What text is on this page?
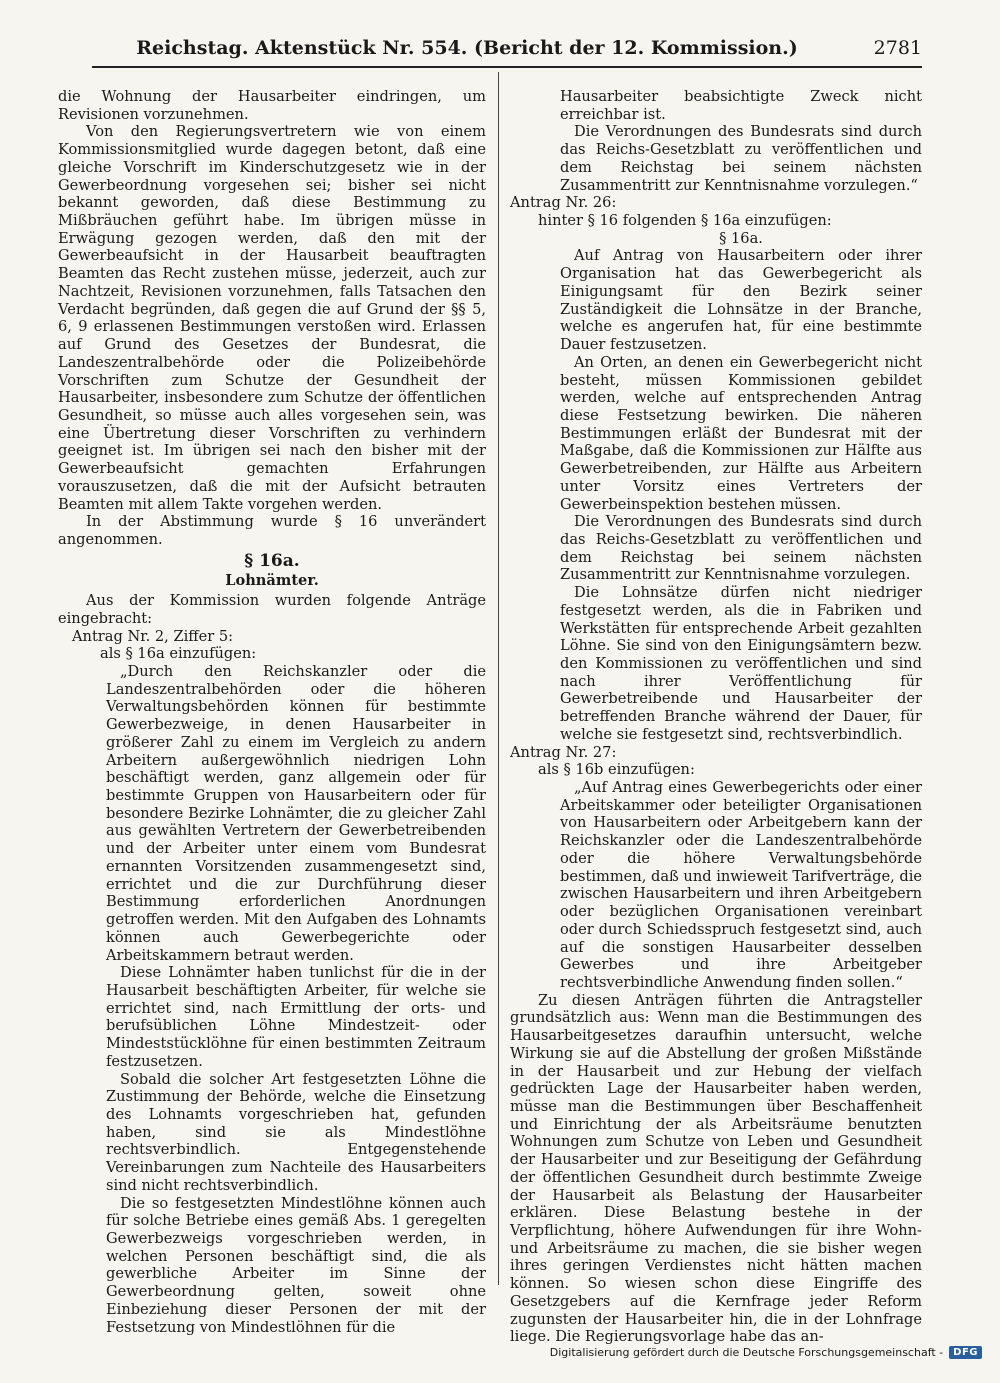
Reichstag. Aktenstück Nr. 554. (Bericht der 12. Kommission.)	2781

die Wohnung der Hausarbeiter eindringen, um Revisionen vorzunehmen.

Von den Regierungsvertretern wie von einem Kommissionsmitglied wurde dagegen betont, daß eine gleiche Vorschrift im Kinderschutzgesetz wie in der Gewerbeordnung vorgesehen sei; bisher sei nicht bekannt geworden, daß diese Bestimmung zu Mißbräuchen geführt habe. Im übrigen müsse in Erwägung gezogen werden, daß den mit der Gewerbeaufsicht in der Hausarbeit beauftragten Beamten das Recht zustehen müsse, jederzeit, auch zur Nachtzeit, Revisionen vorzunehmen, falls Tatsachen den Verdacht begründen, daß gegen die auf Grund der §§ 5, 6, 9 erlassenen Bestimmungen verstoßen wird. Erlassen auf Grund des Gesetzes der Bundesrat, die Landeszentralbehörde oder die Polizeibehörde Vorschriften zum Schutze der Gesundheit der Hausarbeiter, insbesondere zum Schutze der öffentlichen Gesundheit, so müsse auch alles vorgesehen sein, was eine Übertretung dieser Vorschriften zu verhindern geeignet ist. Im übrigen sei nach den bisher mit der Gewerbeaufsicht gemachten Erfahrungen vorauszusetzen, daß die mit der Aufsicht betrauten Beamten mit allem Takte vorgehen werden.

In der Abstimmung wurde § 16 unverändert angenommen.

§ 16a.
Lohnämter.

Aus der Kommission wurden folgende Anträge eingebracht:

Antrag Nr. 2, Ziffer 5:

als § 16a einzufügen:

„Durch den Reichskanzler oder die Landeszentralbehörden oder die höheren Verwaltungsbehörden können für bestimmte Gewerbezweige, in denen Hausarbeiter in größerer Zahl zu einem im Vergleich zu andern Arbeitern außergewöhnlich niedrigen Lohn beschäftigt werden, ganz allgemein oder für bestimmte Gruppen von Hausarbeitern oder für besondere Bezirke Lohnämter, die zu gleicher Zahl aus gewählten Vertretern der Gewerbetreibenden und der Arbeiter unter einem vom Bundesrat ernannten Vorsitzenden zusammengesetzt sind, errichtet und die zur Durchführung dieser Bestimmung erforderlichen Anordnungen getroffen werden. Mit den Aufgaben des Lohnamts können auch Gewerbegerichte oder Arbeitskammern betraut werden.

Diese Lohnämter haben tunlichst für die in der Hausarbeit beschäftigten Arbeiter, für welche sie errichtet sind, nach Ermittlung der orts- und berufsüblichen Löhne Mindestzeit- oder Mindeststücklöhne für einen bestimmten Zeitraum festzusetzen.

Sobald die solcher Art festgesetzten Löhne die Zustimmung der Behörde, welche die Einsetzung des Lohnamts vorgeschrieben hat, gefunden haben, sind sie als Mindestlöhne rechtsverbindlich. Entgegenstehende Vereinbarungen zum Nachteile des Hausarbeiters sind nicht rechtsverbindlich.

Die so festgesetzten Mindestlöhne können auch für solche Betriebe eines gemäß Abs. 1 geregelten Gewerbezweigs vorgeschrieben werden, in welchen Personen beschäftigt sind, die als gewerbliche Arbeiter im Sinne der Gewerbeordnung gelten, soweit ohne Einbeziehung dieser Personen der mit der Festsetzung von Mindestlöhnen für die

Hausarbeiter beabsichtigte Zweck nicht erreichbar ist.

Die Verordnungen des Bundesrats sind durch das Reichs-Gesetzblatt zu veröffentlichen und dem Reichstag bei seinem nächsten Zusammentritt zur Kenntnisnahme vorzulegen.“

Antrag Nr. 26:

hinter § 16 folgenden § 16a einzufügen:

§ 16a.

Auf Antrag von Hausarbeitern oder ihrer Organisation hat das Gewerbegericht als Einigungsamt für den Bezirk seiner Zuständigkeit die Lohnsätze in der Branche, welche es angerufen hat, für eine bestimmte Dauer festzusetzen.

An Orten, an denen ein Gewerbegericht nicht besteht, müssen Kommissionen gebildet werden, welche auf entsprechenden Antrag diese Festsetzung bewirken. Die näheren Bestimmungen erläßt der Bundesrat mit der Maßgabe, daß die Kommissionen zur Hälfte aus Gewerbetreibenden, zur Hälfte aus Arbeitern unter Vorsitz eines Vertreters der Gewerbeinspektion bestehen müssen.

Die Verordnungen des Bundesrats sind durch das Reichs-Gesetzblatt zu veröffentlichen und dem Reichstag bei seinem nächsten Zusammentritt zur Kenntnisnahme vorzulegen.

Die Lohnsätze dürfen nicht niedriger festgesetzt werden, als die in Fabriken und Werkstätten für entsprechende Arbeit gezahlten Löhne. Sie sind von den Einigungsämtern bezw. den Kommissionen zu veröffentlichen und sind nach ihrer Veröffentlichung für Gewerbetreibende und Hausarbeiter der betreffenden Branche während der Dauer, für welche sie festgesetzt sind, rechtsverbindlich.

Antrag Nr. 27:

als § 16b einzufügen:

„Auf Antrag eines Gewerbegerichts oder einer Arbeitskammer oder beteiligter Organisationen von Hausarbeitern oder Arbeitgebern kann der Reichskanzler oder die Landeszentralbehörde oder die höhere Verwaltungsbehörde bestimmen, daß und inwieweit Tarifverträge, die zwischen Hausarbeitern und ihren Arbeitgebern oder bezüglichen Organisationen vereinbart oder durch Schiedsspruch festgesetzt sind, auch auf die sonstigen Hausarbeiter desselben Gewerbes und ihre Arbeitgeber rechtsverbindliche Anwendung finden sollen.“

Zu diesen Anträgen führten die Antragsteller grundsätzlich aus: Wenn man die Bestimmungen des Hausarbeitgesetzes daraufhin untersucht, welche Wirkung sie auf die Abstellung der großen Mißstände in der Hausarbeit und zur Hebung der vielfach gedrückten Lage der Hausarbeiter haben werden, müsse man die Bestimmungen über Beschaffenheit und Einrichtung der als Arbeitsräume benutzten Wohnungen zum Schutze von Leben und Gesundheit der Hausarbeiter und zur Beseitigung der Gefährdung der öffentlichen Gesundheit durch bestimmte Zweige der Hausarbeit als Belastung der Hausarbeiter erklären. Diese Belastung bestehe in der Verpflichtung, höhere Aufwendungen für ihre Wohn- und Arbeitsräume zu machen, die sie bisher wegen ihres geringen Verdienstes nicht hätten machen können. So wiesen schon diese Eingriffe des Gesetzgebers auf die Kernfrage jeder Reform zugunsten der Hausarbeiter hin, die in der Lohnfrage liege. Die Regierungsvorlage habe das an-

Digitalisierung gefördert durch die Deutsche Forschungsgemeinschaft -	DFG
